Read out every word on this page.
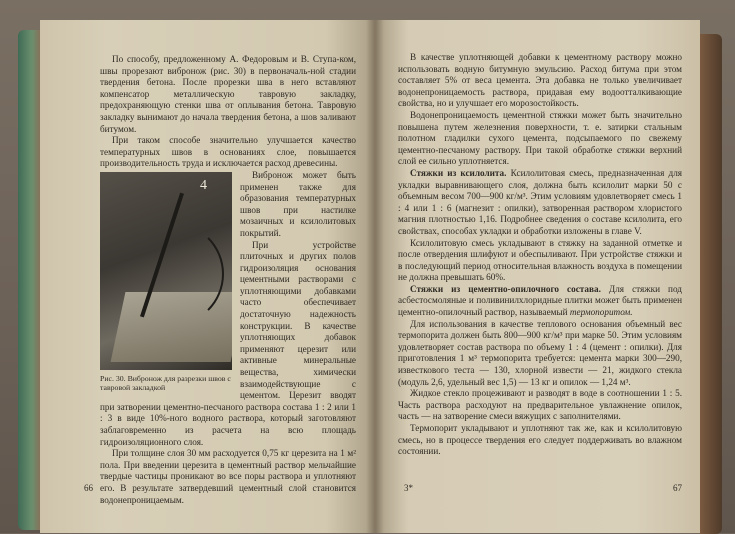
По способу, предложенному А. Федоровым и В. Ступа-ком, швы прорезают вибронож (рис. 30) в первоначаль-ной стадии твердения бетона. После прорезки шва в него вставляют компенсатор металлическую тавровую закладку, предохраняющую стенки шва от оплывания бетона. Тавровую закладку вынимают до начала твердения бетона, а шов заливают битумом.

При таком способе значительно улучшается качество температурных швов в основаниях слое, повышается производительность труда и исключается расход древесины.

4
Рис. 30. Вибронож для разрезки швов с тавровой закладкой

Вибронож может быть применен также для образования температурных швов при настилке мозаичных и ксилолитовых покрытий.

При устройстве плиточных и других полов гидроизоляция основания цементными растворами с уплотняющими добавками часто обеспечивает достаточную надежность конструкции. В качестве уплотняющих добавок применяют церезит или активные минеральные вещества, химически взаимодействующие с цементом. Церезит вводят при затворении цементно-песчаного раствора состава 1 : 2 или 1 : 3 в виде 10%-ного водного раствора, который заготовляют заблаговременно из расчета на всю площадь гидроизоляционного слоя.

При толщине слоя 30 мм расходуется 0,75 кг церезита на 1 м² пола. При введении церезита в цементный раствор мельчайшие твердые частицы проникают во все поры раствора и уплотняют его. В результате затвердевший цементный слой становится водонепроницаемым.

66

В качестве уплотняющей добавки к цементному раствору можно использовать водную битумную эмульсию. Расход битума при этом составляет 5% от веса цемента. Эта добавка не только увеличивает водонепроницаемость раствора, придавая ему водоотталкивающие свойства, но и улучшает его морозостойкость.

Водонепроницаемость цементной стяжки может быть значительно повышена путем железнения поверхности, т. е. затирки стальным полотном гладилки сухого цемента, подсыпаемого по свежему цементно-песчаному раствору. При такой обработке стяжки верхний слой ее сильно уплотняется.

Стяжки из ксилолита. Ксилолитовая смесь, предназначенная для укладки выравнивающего слоя, должна быть ксилолит марки 50 с объемным весом 700—900 кг/м³. Этим условиям удовлетворяет смесь 1 : 4 или 1 : 6 (магнезит : опилки), затворенная раствором хлористого магния плотностью 1,16. Подробнее сведения о составе ксилолита, его свойствах, способах укладки и обработки изложены в главе V.

Ксилолитовую смесь укладывают в стяжку на заданной отметке и после отвердения шлифуют и обеспыливают. При устройстве стяжки и в последующий период относительная влажность воздуха в помещении не должна превышать 60%.

Стяжки из цементно-опилочного состава. Для стяжки под асбестосмоляные и поливинилхлоридные плитки может быть применен цементно-опилочный раствор, называемый термопоритом.

Для использования в качестве теплового основания объемный вес термопорита должен быть 800—900 кг/м³ при марке 50. Этим условиям удовлетворяет состав раствора по объему 1 : 4 (цемент : опилки). Для приготовления 1 м³ термопорита требуется: цемента марки 300—290, известкового теста — 130, хлорной извести — 21, жидкого стекла (модуль 2,6, удельный вес 1,5) — 13 кг и опилок — 1,24 м³.

Жидкое стекло процеживают и разводят в воде в соотношении 1 : 5. Часть раствора расходуют на предварительное увлажнение опилок, часть — на затворение смеси вяжущих с заполнителями.

Термопорит укладывают и уплотняют так же, как и ксилолитовую смесь, но в процессе твердения его следует поддерживать во влажном состоянии.

3*	67
